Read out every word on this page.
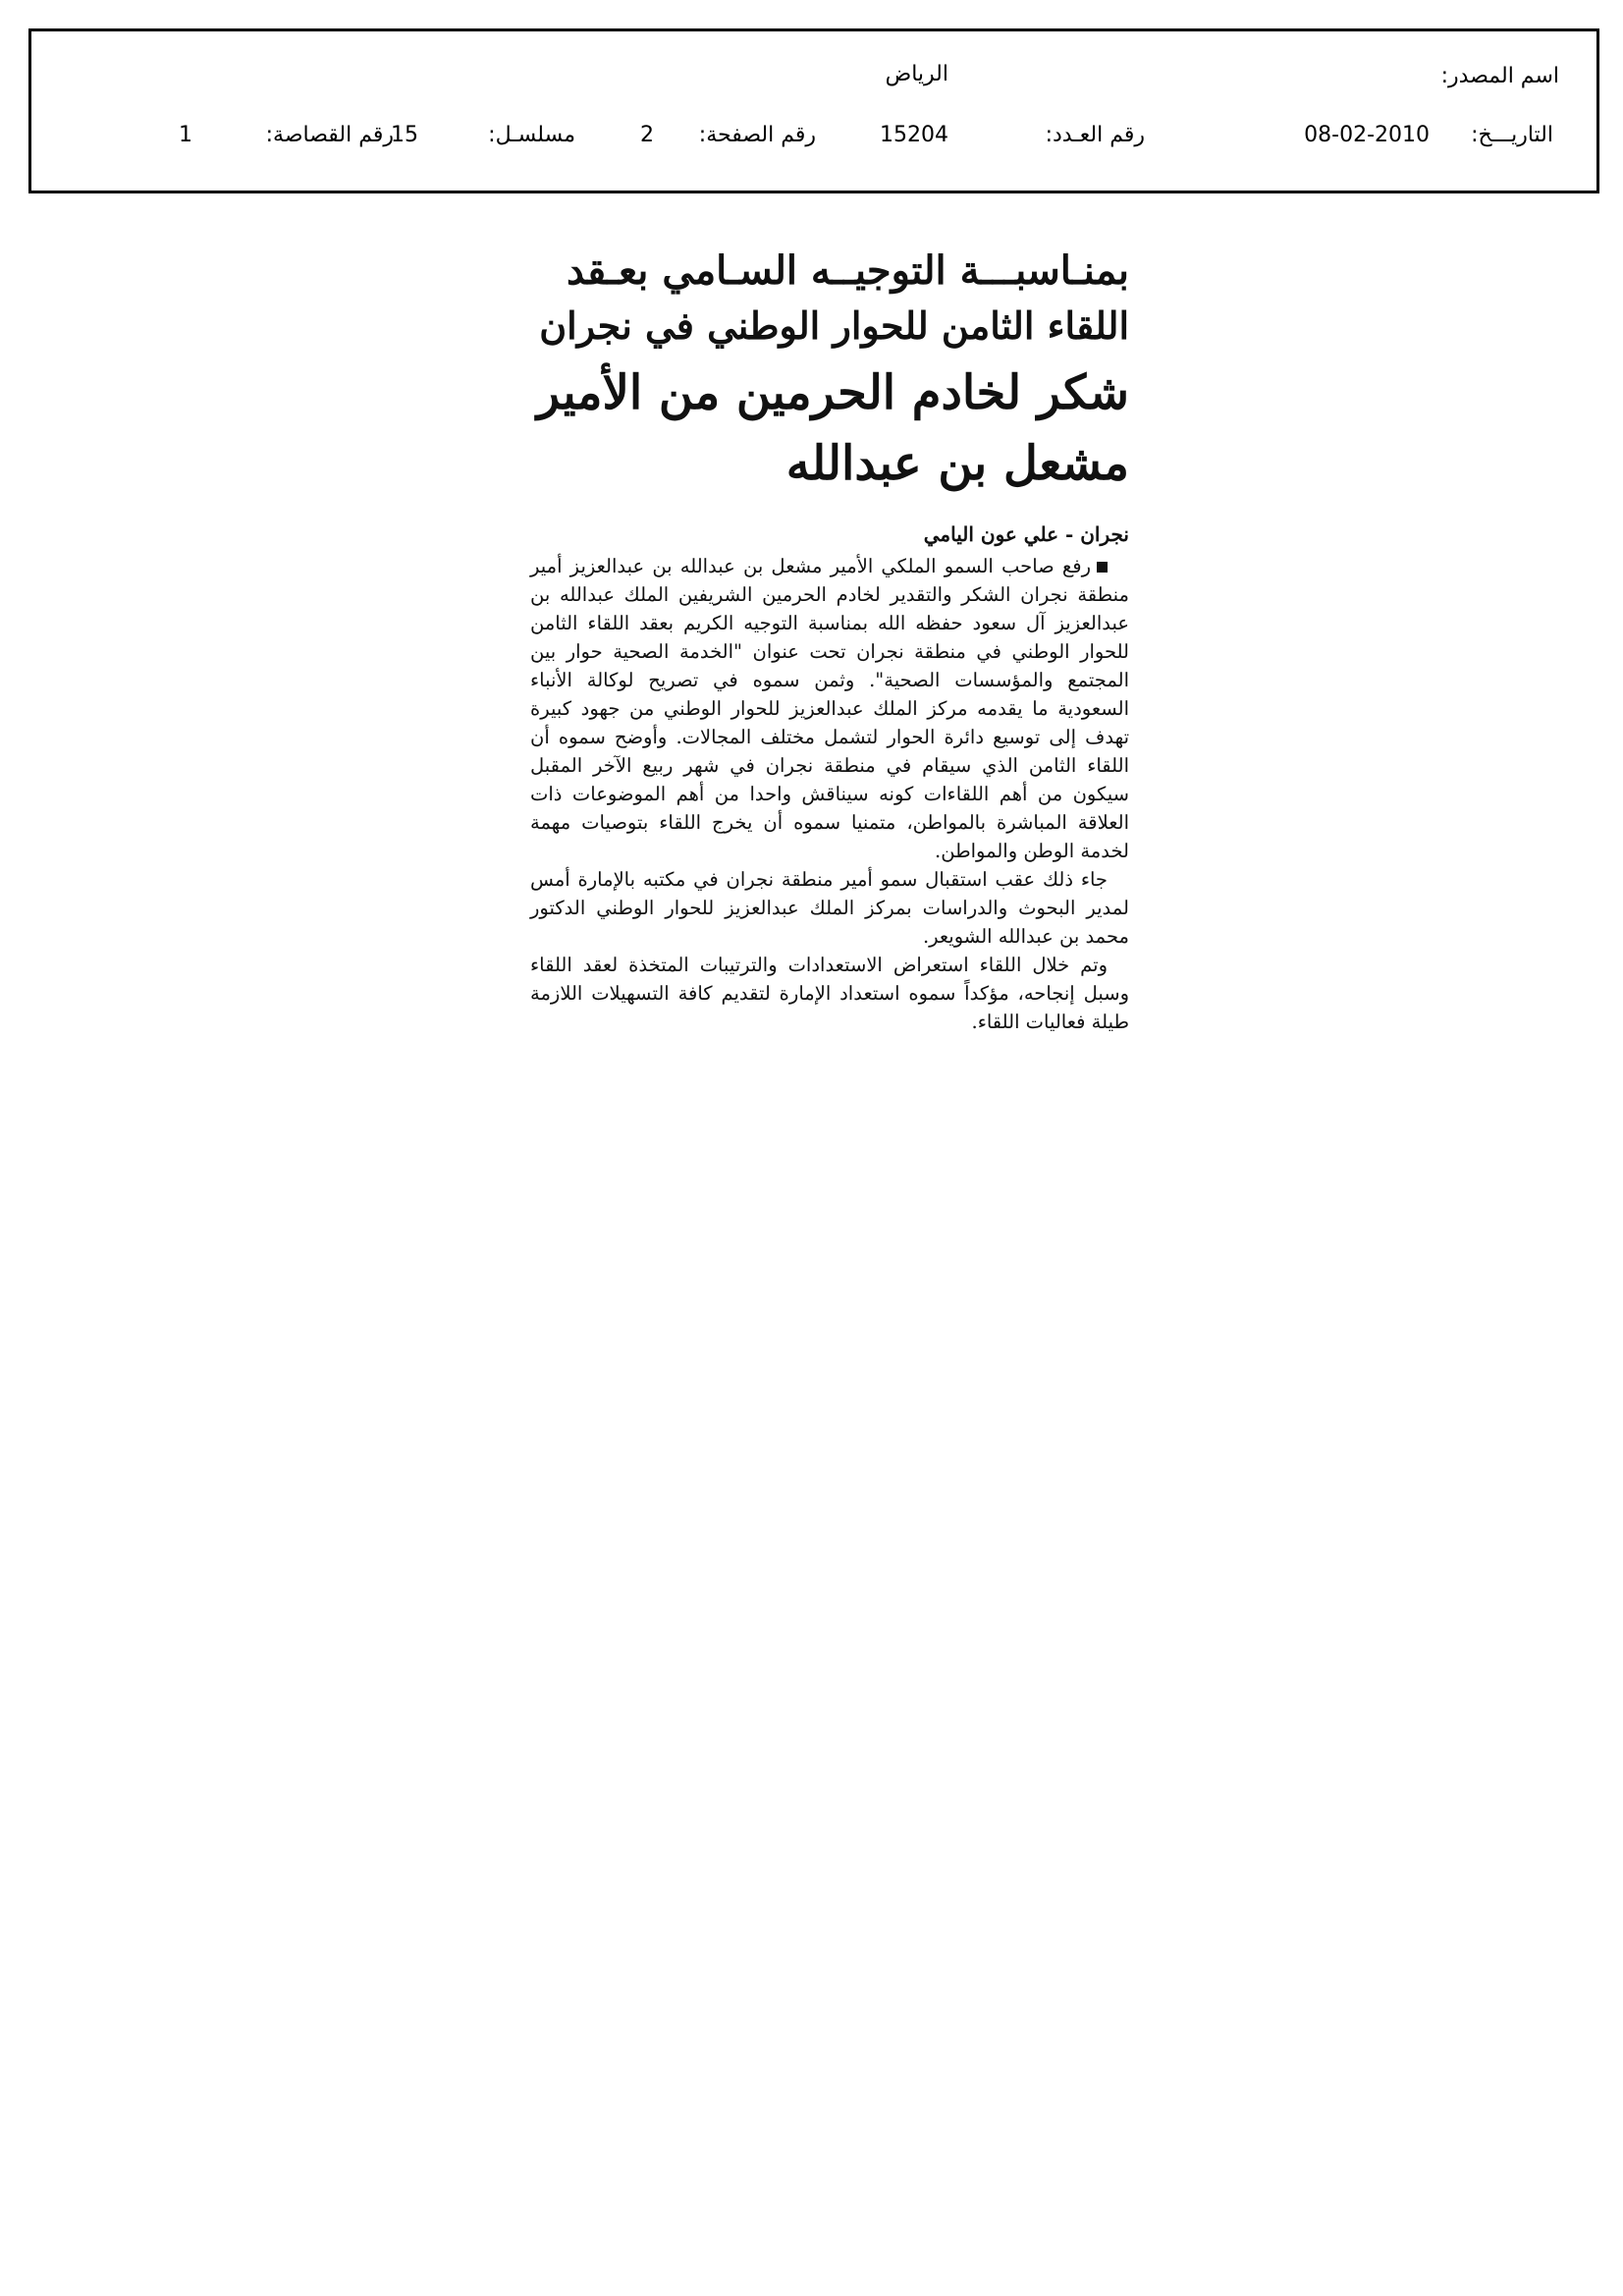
اسم المصدر:
الرياض
التاريـــخ:
08-02-2010
رقم العـدد:
15204
رقم الصفحة:
2
مسلسـل:
15
رقم القصاصة:
1
بمنـاسبـــة التوجيــه السـامي بعـقد
اللقاء الثامن للحوار الوطني في نجران
شكر لخادم الحرمين من الأمير مشعل بن عبدالله
نجران - علي عون اليامي

رفع صاحب السمو الملكي الأمير مشعل بن عبدالله بن عبدالعزيز أمير منطقة نجران الشكر والتقدير لخادم الحرمين الشريفين الملك عبدالله بن عبدالعزيز آل سعود حفظه الله بمناسبة التوجيه الكريم بعقد اللقاء الثامن للحوار الوطني في منطقة نجران تحت عنوان "الخدمة الصحية حوار بين المجتمع والمؤسسات الصحية". وثمن سموه في تصريح لوكالة الأنباء السعودية ما يقدمه مركز الملك عبدالعزيز للحوار الوطني من جهود كبيرة تهدف إلى توسيع دائرة الحوار لتشمل مختلف المجالات. وأوضح سموه أن اللقاء الثامن الذي سيقام في منطقة نجران في شهر ربيع الآخر المقبل سيكون من أهم اللقاءات كونه سيناقش واحدا من أهم الموضوعات ذات العلاقة المباشرة بالمواطن، متمنيا سموه أن يخرج اللقاء بتوصيات مهمة لخدمة الوطن والمواطن.

جاء ذلك عقب استقبال سمو أمير منطقة نجران في مكتبه بالإمارة أمس لمدير البحوث والدراسات بمركز الملك عبدالعزيز للحوار الوطني الدكتور محمد بن عبدالله الشويعر.

وتم خلال اللقاء استعراض الاستعدادات والترتيبات المتخذة لعقد اللقاء وسبل إنجاحه، مؤكداً سموه استعداد الإمارة لتقديم كافة التسهيلات اللازمة طيلة فعاليات اللقاء.
